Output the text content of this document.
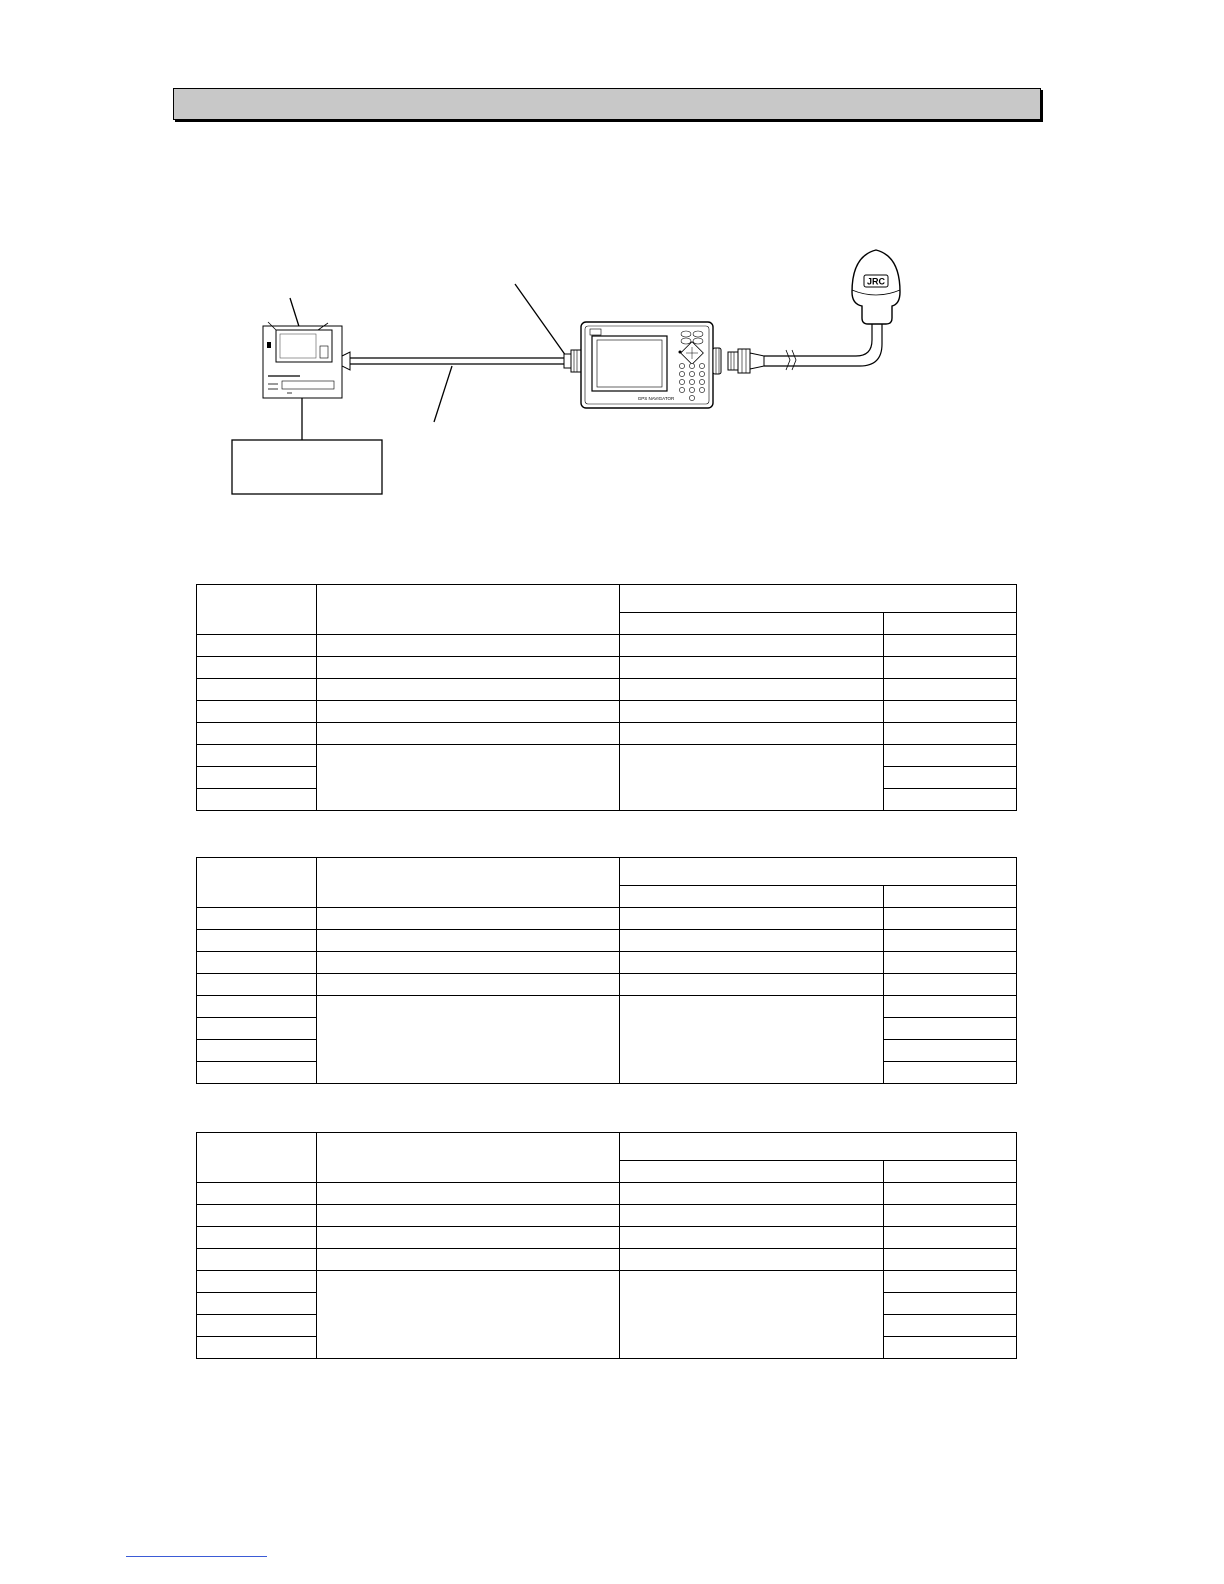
GPS NAVIGATOR
JRC
